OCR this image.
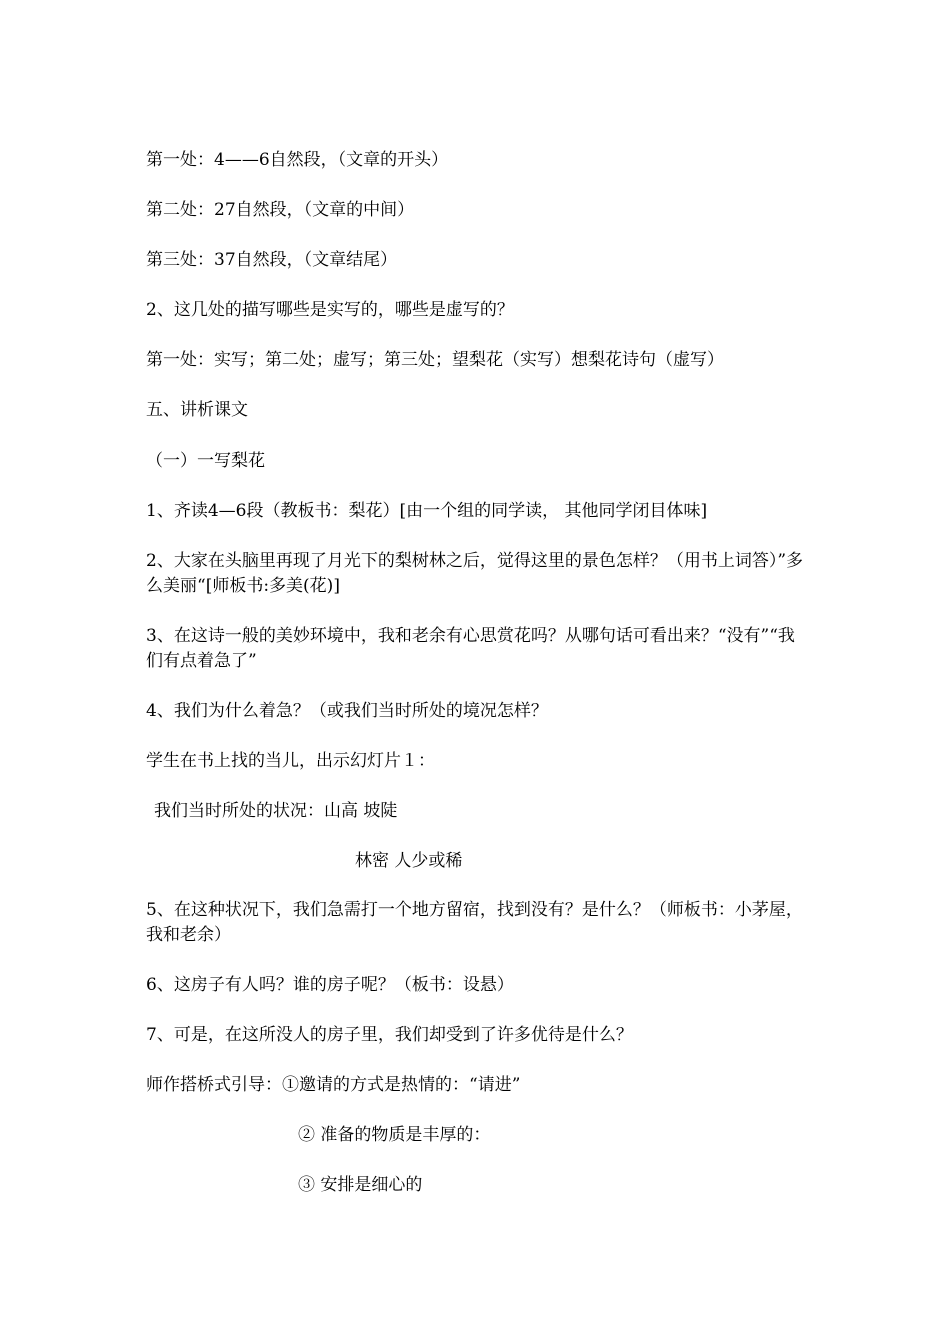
第一处：4——6自然段，（文章的开头）
第二处：27自然段，（文章的中间）
第三处：37自然段，（文章结尾）
2、这几处的描写哪些是实写的，哪些是虚写的？
第一处：实写；第二处；虚写；第三处；望梨花（实写）想梨花诗句（虚写）
五、讲析课文
（一）一写梨花
1、齐读4—6段（教板书：梨花）[由一个组的同学读， 其他同学闭目体味]
2、大家在头脑里再现了月光下的梨树林之后，觉得这里的景色怎样？（用书上词答）”多么美丽“[师板书:多美(花)]
3、在这诗一般的美妙环境中，我和老余有心思赏花吗？从哪句话可看出来？“没有”“我们有点着急了”
4、我们为什么着急？（或我们当时所处的境况怎样？
学生在书上找的当儿，出示幻灯片１：
我们当时所处的状况：山高 坡陡
林密 人少或稀
5、在这种状况下，我们急需打一个地方留宿，找到没有？是什么？（师板书：小茅屋，我和老余）
6、这房子有人吗？谁的房子呢？（板书：设悬）
7、可是，在这所没人的房子里，我们却受到了许多优待是什么？
师作搭桥式引导：①邀请的方式是热情的：“请进”
② 准备的物质是丰厚的：
③ 安排是细心的
